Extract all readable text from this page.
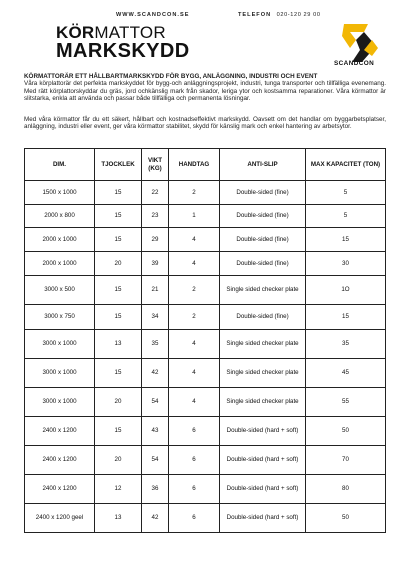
WWW.SCANDCON.SE	TELEFON 020-120 29 00
KÖRMATTOR
MARKSKYDD
SCANDCON
KÖRMATTORÄR ETT HÅLLBARTMARKSKYDD FÖR BYGG, ANLÄGGNING, INDUSTRI OCH EVENT
Våra körplattorär det perfekta markskyddet för bygg-och anläggningsprojekt, industri, tunga transporter och tillfälliga evenemang. Med rätt körplattorskyddar du gräs, jord ochkänslig mark från skador, leriga ytor och kostsamma reparationer. Våra körmattor är slitstarka, enkla att använda och passar både tillfälliga och permanenta lösningar.
Med våra körmattor får du ett säkert, hållbart och kostnadseffektivt markskydd. Oavsett om det handlar om byggarbetsplatser, anläggning, industri eller event, ger våra körmattor stabilitet, skydd för känslig mark och enkel hantering av arbetsytor.
DIM.	TJOCKLEK	VIKT (KG)	HANDTAG	ANTI-SLIP	MAX KAPACITET (TON)
1500 x 1000	15	22	2	Double-sided (fine)	5
2000 x 800	15	23	1	Double-sided (fine)	5
2000 x 1000	15	29	4	Double-sided (fine)	15
2000 x 1000	20	39	4	Double-sided (fine)	30
3000 x 500	15	21	2	Single sided checker plate	1O
3000 x 750	15	34	2	Double-sided (fine)	15
3000 x 1000	13	35	4	Single sided checker plate	35
3000 x 1000	15	42	4	Single sided checker plate	45
3000 x 1000	20	54	4	Single sided checker plate	55
2400 x 1200	15	43	6	Double-sided (hard + soft)	50
2400 x 1200	20	54	6	Double-sided (hard + soft)	70
2400 x 1200	12	36	6	Double-sided (hard + soft)	80
2400 x 1200 geel	13	42	6	Double-sided (hard + soft)	50
